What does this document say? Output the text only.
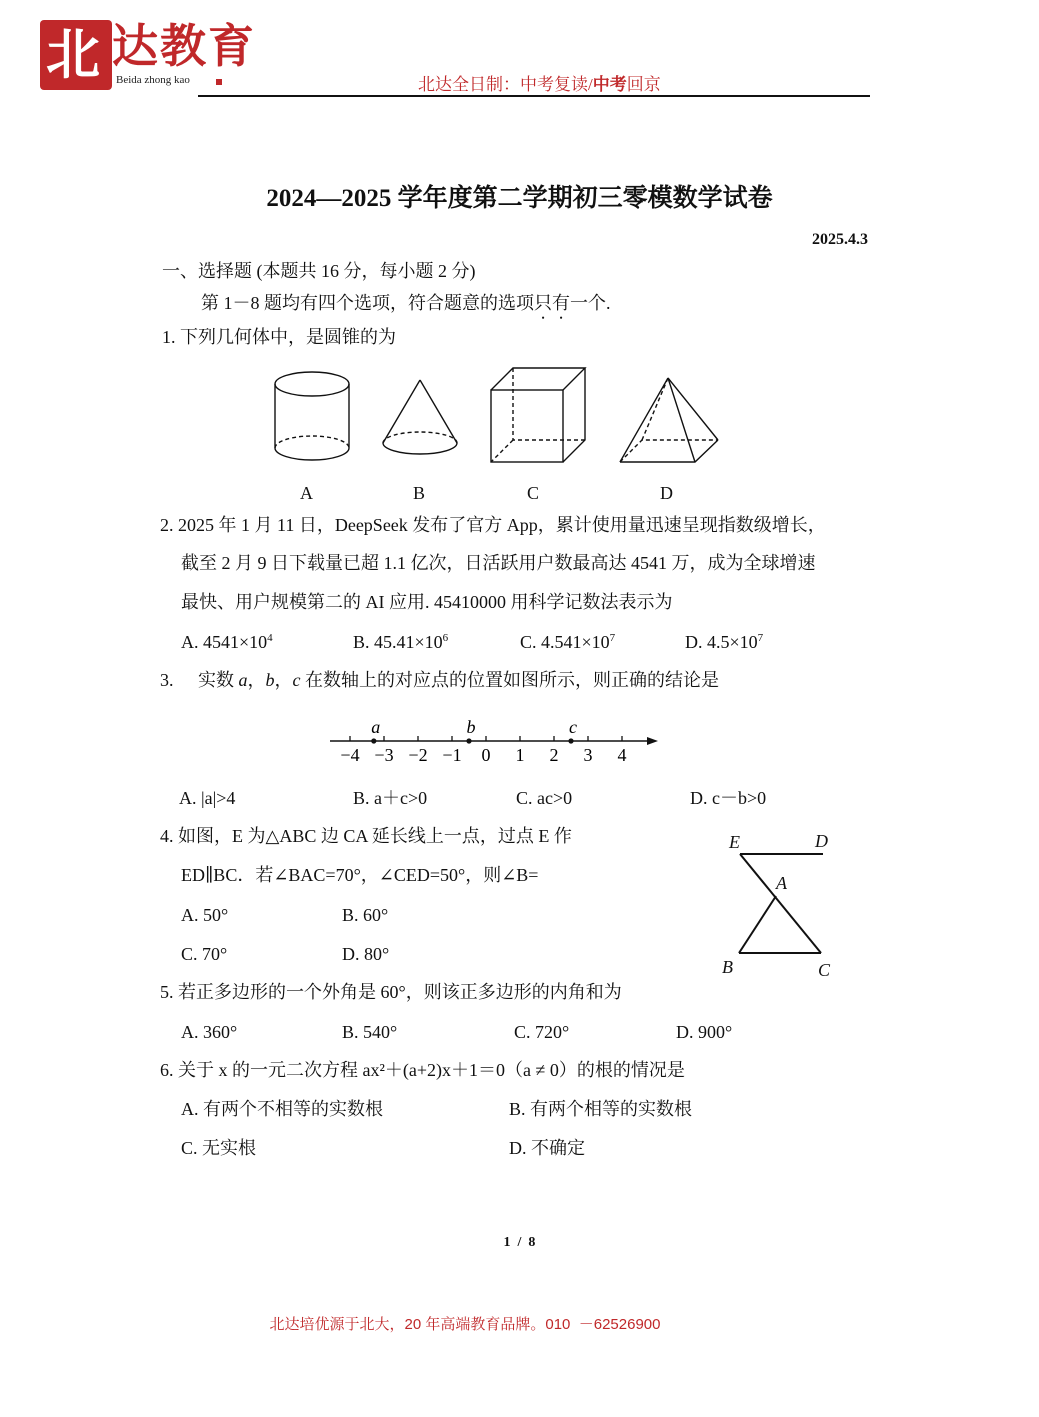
北 达教育
Beida zhong kao	北达全日制：中考复读/中考回京
2024—2025 学年度第二学期初三零模数学试卷
2025.4.3
一、选择题 (本题共 16 分，每小题 2 分)
第 1－8 题均有四个选项，符合题意的选项只有一个.
1. 下列几何体中，是圆锥的为
A	B	C	D
2. 2025 年 1 月 11 日，DeepSeek 发布了官方 App，累计使用量迅速呈现指数级增长，
截至 2 月 9 日下载量已超 1.1 亿次，日活跃用户数最高达 4541 万，成为全球增速
最快、用户规模第二的 AI 应用. 45410000 用科学记数法表示为
A. $4541\times 10^4$	B. $45.41\times 10^6$	C. $4.541\times 10^7$	D. $4.5\times 10^7$
3. 实数 a，b，c 在数轴上的对应点的位置如图所示，则正确的结论是
−4 −3 −2 −1 0 1 2 3 4
a	b	c
A. |a|>4	B. a＋c>0	C. ac>0	D. c－b>0
4. 如图，E 为△ABC 边 CA 延长线上一点，过点 E 作
ED∥BC．若∠BAC=70°，∠CED=50°，则∠B=
A. 50°	B. 60°
C. 70°	D. 80°
E	D
A
B	C
5. 若正多边形的一个外角是 60°，则该正多边形的内角和为
A. 360°	B. 540°	C. 720°	D. 900°
6. 关于 x 的一元二次方程 ax²＋(a+2)x＋1＝0（a ≠ 0）的根的情况是
A. 有两个不相等的实数根	B. 有两个相等的实数根
C. 无实根	D. 不确定
1  /  8
北达培优源于北大，20 年高端教育品牌。010  －62526900
